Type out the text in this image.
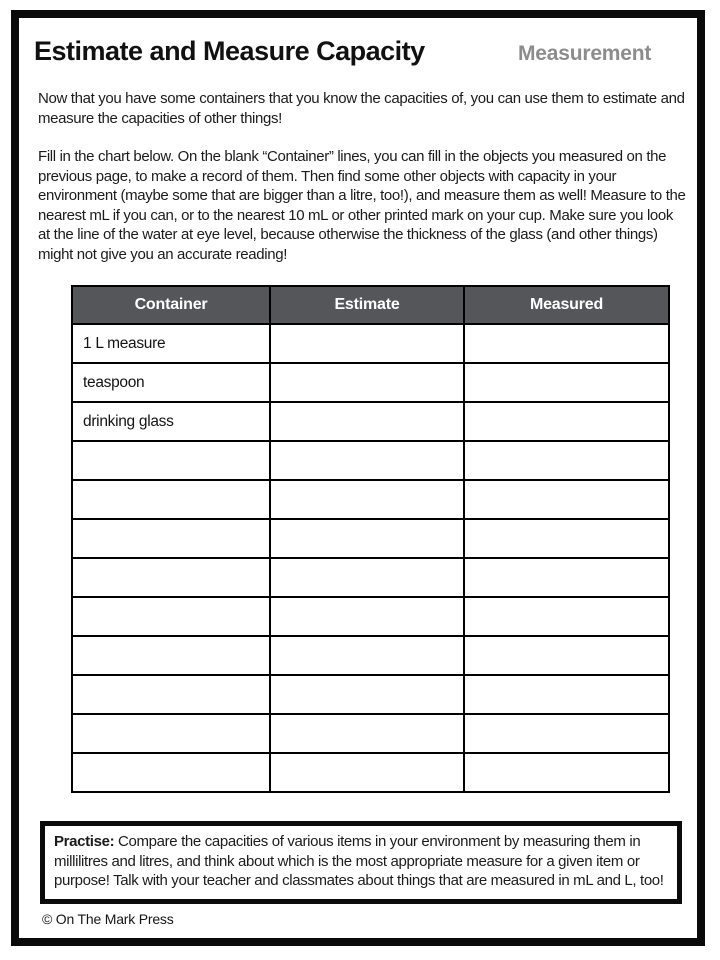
Estimate and Measure Capacity	Measurement
Now that you have some containers that you know the capacities of, you can use them to estimate and measure the capacities of other things!
Fill in the chart below. On the blank “Container” lines, you can fill in the objects you measured on the previous page, to make a record of them. Then find some other objects with capacity in your environment (maybe some that are bigger than a litre, too!), and measure them as well! Measure to the nearest mL if you can, or to the nearest 10 mL or other printed mark on your cup. Make sure you look at the line of the water at eye level, because otherwise the thickness of the glass (and other things) might not give you an accurate reading!
Container	Estimate	Measured
1 L measure		
teaspoon		
drinking glass		

Practise: Compare the capacities of various items in your environment by measuring them in millilitres and litres, and think about which is the most appropriate measure for a given item or purpose! Talk with your teacher and classmates about things that are measured in mL and L, too!
© On The Mark Press
